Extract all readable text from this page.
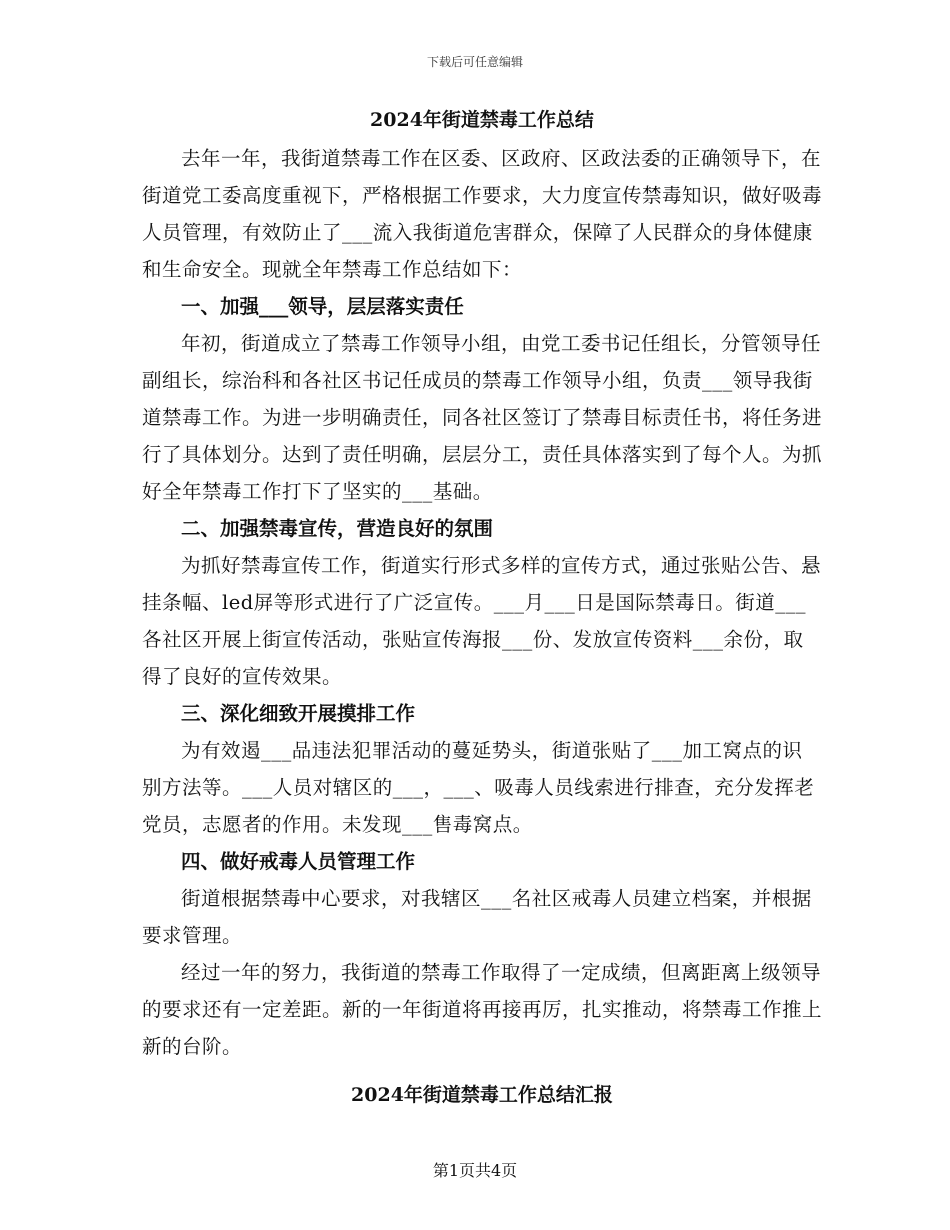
下载后可任意编辑
2024年街道禁毒工作总结

去年一年，我街道禁毒工作在区委、区政府、区政法委的正确领导下，在街道党工委高度重视下，严格根据工作要求，大力度宣传禁毒知识，做好吸毒人员管理，有效防止了___流入我街道危害群众，保障了人民群众的身体健康和生命安全。现就全年禁毒工作总结如下：

一、加强___领导，层层落实责任

年初，街道成立了禁毒工作领导小组，由党工委书记任组长，分管领导任副组长，综治科和各社区书记任成员的禁毒工作领导小组，负责___领导我街道禁毒工作。为进一步明确责任，同各社区签订了禁毒目标责任书，将任务进行了具体划分。达到了责任明确，层层分工，责任具体落实到了每个人。为抓好全年禁毒工作打下了坚实的___基础。

二、加强禁毒宣传，营造良好的氛围

为抓好禁毒宣传工作，街道实行形式多样的宣传方式，通过张贴公告、悬挂条幅、led屏等形式进行了广泛宣传。___月___日是国际禁毒日。街道___各社区开展上街宣传活动，张贴宣传海报___份、发放宣传资料___余份，取得了良好的宣传效果。

三、深化细致开展摸排工作

为有效遏___品违法犯罪活动的蔓延势头，街道张贴了___加工窝点的识别方法等。___人员对辖区的___，___、吸毒人员线索进行排查，充分发挥老党员，志愿者的作用。未发现___售毒窝点。

四、做好戒毒人员管理工作

街道根据禁毒中心要求，对我辖区___名社区戒毒人员建立档案，并根据要求管理。

经过一年的努力，我街道的禁毒工作取得了一定成绩，但离距离上级领导的要求还有一定差距。新的一年街道将再接再厉，扎实推动，将禁毒工作推上新的台阶。

2024年街道禁毒工作总结汇报
第1页共4页
